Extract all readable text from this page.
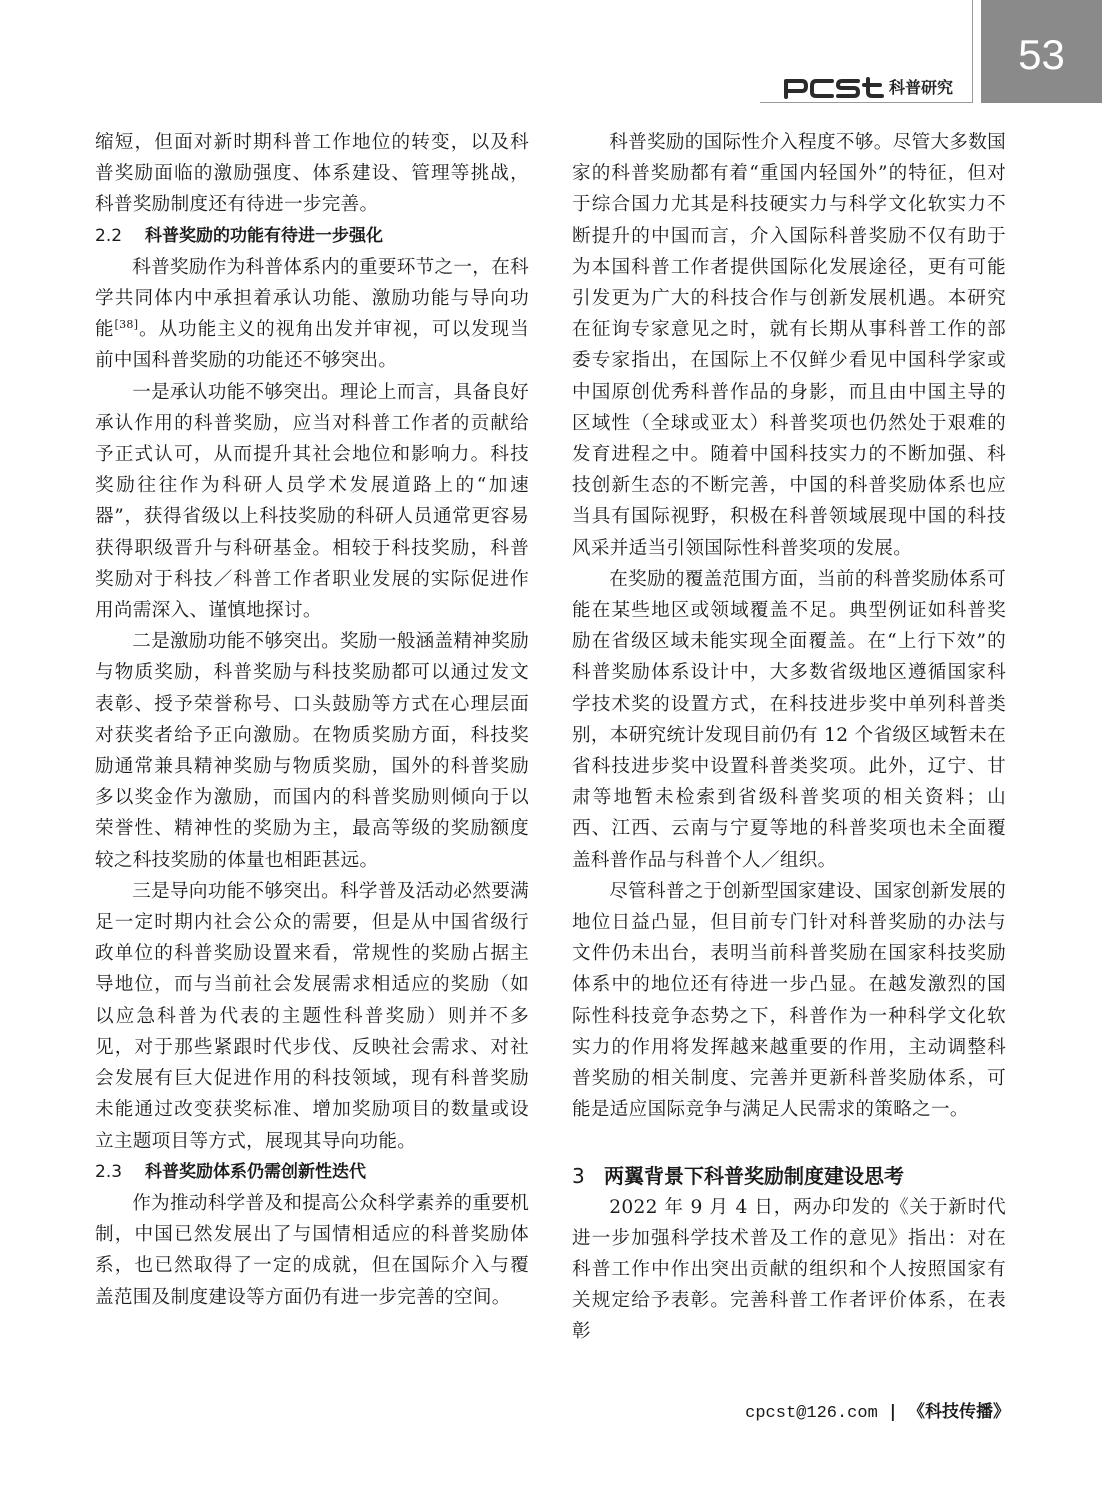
53
科普研究

缩短，但面对新时期科普工作地位的转变，以及科普奖励面临的激励强度、体系建设、管理等挑战，科普奖励制度还有待进一步完善。

2.2 科普奖励的功能有待进一步强化

科普奖励作为科普体系内的重要环节之一，在科学共同体内中承担着承认功能、激励功能与导向功能[38]。从功能主义的视角出发并审视，可以发现当前中国科普奖励的功能还不够突出。

一是承认功能不够突出。理论上而言，具备良好承认作用的科普奖励，应当对科普工作者的贡献给予正式认可，从而提升其社会地位和影响力。科技奖励往往作为科研人员学术发展道路上的“加速器”，获得省级以上科技奖励的科研人员通常更容易获得职级晋升与科研基金。相较于科技奖励，科普奖励对于科技／科普工作者职业发展的实际促进作用尚需深入、谨慎地探讨。

二是激励功能不够突出。奖励一般涵盖精神奖励与物质奖励，科普奖励与科技奖励都可以通过发文表彰、授予荣誉称号、口头鼓励等方式在心理层面对获奖者给予正向激励。在物质奖励方面，科技奖励通常兼具精神奖励与物质奖励，国外的科普奖励多以奖金作为激励，而国内的科普奖励则倾向于以荣誉性、精神性的奖励为主，最高等级的奖励额度较之科技奖励的体量也相距甚远。

三是导向功能不够突出。科学普及活动必然要满足一定时期内社会公众的需要，但是从中国省级行政单位的科普奖励设置来看，常规性的奖励占据主导地位，而与当前社会发展需求相适应的奖励（如以应急科普为代表的主题性科普奖励）则并不多见，对于那些紧跟时代步伐、反映社会需求、对社会发展有巨大促进作用的科技领域，现有科普奖励未能通过改变获奖标准、增加奖励项目的数量或设立主题项目等方式，展现其导向功能。

2.3 科普奖励体系仍需创新性迭代

作为推动科学普及和提高公众科学素养的重要机制，中国已然发展出了与国情相适应的科普奖励体系，也已然取得了一定的成就，但在国际介入与覆盖范围及制度建设等方面仍有进一步完善的空间。

科普奖励的国际性介入程度不够。尽管大多数国家的科普奖励都有着“重国内轻国外”的特征，但对于综合国力尤其是科技硬实力与科学文化软实力不断提升的中国而言，介入国际科普奖励不仅有助于为本国科普工作者提供国际化发展途径，更有可能引发更为广大的科技合作与创新发展机遇。本研究在征询专家意见之时，就有长期从事科普工作的部委专家指出，在国际上不仅鲜少看见中国科学家或中国原创优秀科普作品的身影，而且由中国主导的区域性（全球或亚太）科普奖项也仍然处于艰难的发育进程之中。随着中国科技实力的不断加强、科技创新生态的不断完善，中国的科普奖励体系也应当具有国际视野，积极在科普领域展现中国的科技风采并适当引领国际性科普奖项的发展。

在奖励的覆盖范围方面，当前的科普奖励体系可能在某些地区或领域覆盖不足。典型例证如科普奖励在省级区域未能实现全面覆盖。在“上行下效”的科普奖励体系设计中，大多数省级地区遵循国家科学技术奖的设置方式，在科技进步奖中单列科普类别，本研究统计发现目前仍有 12 个省级区域暂未在省科技进步奖中设置科普类奖项。此外，辽宁、甘肃等地暂未检索到省级科普奖项的相关资料；山西、江西、云南与宁夏等地的科普奖项也未全面覆盖科普作品与科普个人／组织。

尽管科普之于创新型国家建设、国家创新发展的地位日益凸显，但目前专门针对科普奖励的办法与文件仍未出台，表明当前科普奖励在国家科技奖励体系中的地位还有待进一步凸显。在越发激烈的国际性科技竞争态势之下，科普作为一种科学文化软实力的作用将发挥越来越重要的作用，主动调整科普奖励的相关制度、完善并更新科普奖励体系，可能是适应国际竞争与满足人民需求的策略之一。

3 两翼背景下科普奖励制度建设思考

2022 年 9 月 4 日，两办印发的《关于新时代进一步加强科学技术普及工作的意见》指出：对在科普工作中作出突出贡献的组织和个人按照国家有关规定给予表彰。完善科普工作者评价体系，在表彰

cpcst@126.com | 《科技传播》
